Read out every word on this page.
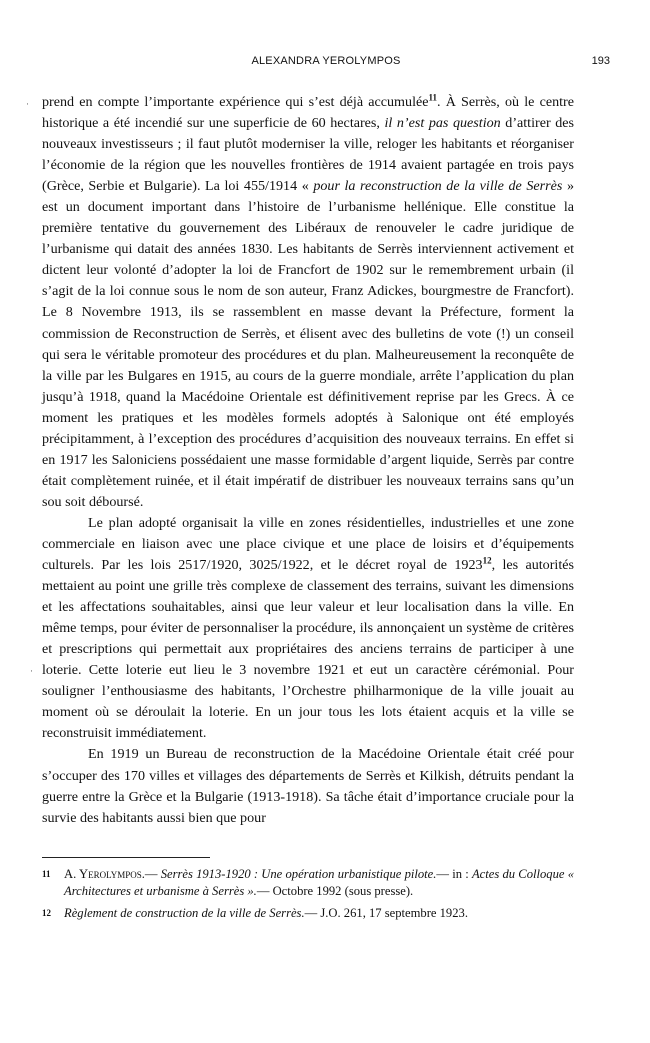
ALEXANDRA YEROLYMPOS	193

prend en compte l’importante expérience qui s’est déjà accumulée$^{11}$. À Serrès, où le centre historique a été incendié sur une superficie de 60 hectares, il n’est pas question d’attirer des nouveaux investisseurs ; il faut plutôt moderniser la ville, reloger les habitants et réorganiser l’économie de la région que les nouvelles frontières de 1914 avaient partagée en trois pays (Grèce, Serbie et Bulgarie). La loi 455/1914 « pour la reconstruction de la ville de Serrès » est un document important dans l’histoire de l’urbanisme hellénique. Elle constitue la première tentative du gouvernement des Libéraux de renouveler le cadre juridique de l’urbanisme qui datait des années 1830. Les habitants de Serrès interviennent activement et dictent leur volonté d’adopter la loi de Francfort de 1902 sur le remembrement urbain (il s’agit de la loi connue sous le nom de son auteur, Franz Adickes, bourgmestre de Francfort). Le 8 Novembre 1913, ils se rassemblent en masse devant la Préfecture, forment la commission de Reconstruction de Serrès, et élisent avec des bulletins de vote (!) un conseil qui sera le véritable promoteur des procédures et du plan. Malheureusement la reconquête de la ville par les Bulgares en 1915, au cours de la guerre mondiale, arrête l’application du plan jusqu’à 1918, quand la Macédoine Orientale est définitivement reprise par les Grecs. À ce moment les pratiques et les modèles formels adoptés à Salonique ont été employés précipitamment, à l’exception des procédures d’acquisition des nouveaux terrains. En effet si en 1917 les Saloniciens possédaient une masse formidable d’argent liquide, Serrès par contre était complètement ruinée, et il était impératif de distribuer les nouveaux terrains sans qu’un sou soit déboursé.

Le plan adopté organisait la ville en zones résidentielles, industrielles et une zone commerciale en liaison avec une place civique et une place de loisirs et d’équipements culturels. Par les lois 2517/1920, 3025/1922, et le décret royal de 1923$^{12}$, les autorités mettaient au point une grille très complexe de classement des terrains, suivant les dimensions et les affectations souhaitables, ainsi que leur valeur et leur localisation dans la ville. En même temps, pour éviter de personnaliser la procédure, ils annonçaient un système de critères et prescriptions qui permettait aux propriétaires des anciens terrains de participer à une loterie. Cette loterie eut lieu le 3 novembre 1921 et eut un caractère cérémonial. Pour souligner l’enthousiasme des habitants, l’Orchestre philharmonique de la ville jouait au moment où se déroulait la loterie. En un jour tous les lots étaient acquis et la ville se reconstruisit immédiatement.

En 1919 un Bureau de reconstruction de la Macédoine Orientale était créé pour s’occuper des 170 villes et villages des départements de Serrès et Kilkish, détruits pendant la guerre entre la Grèce et la Bulgarie (1913-1918). Sa tâche était d’importance cruciale pour la survie des habitants aussi bien que pour

11 A. Yerolympos.— Serrès 1913-1920 : Une opération urbanistique pilote.— in : Actes du Colloque « Architectures et urbanisme à Serrès ».— Octobre 1992 (sous presse).
12 Règlement de construction de la ville de Serrès.— J.O. 261, 17 septembre 1923.
·
·
